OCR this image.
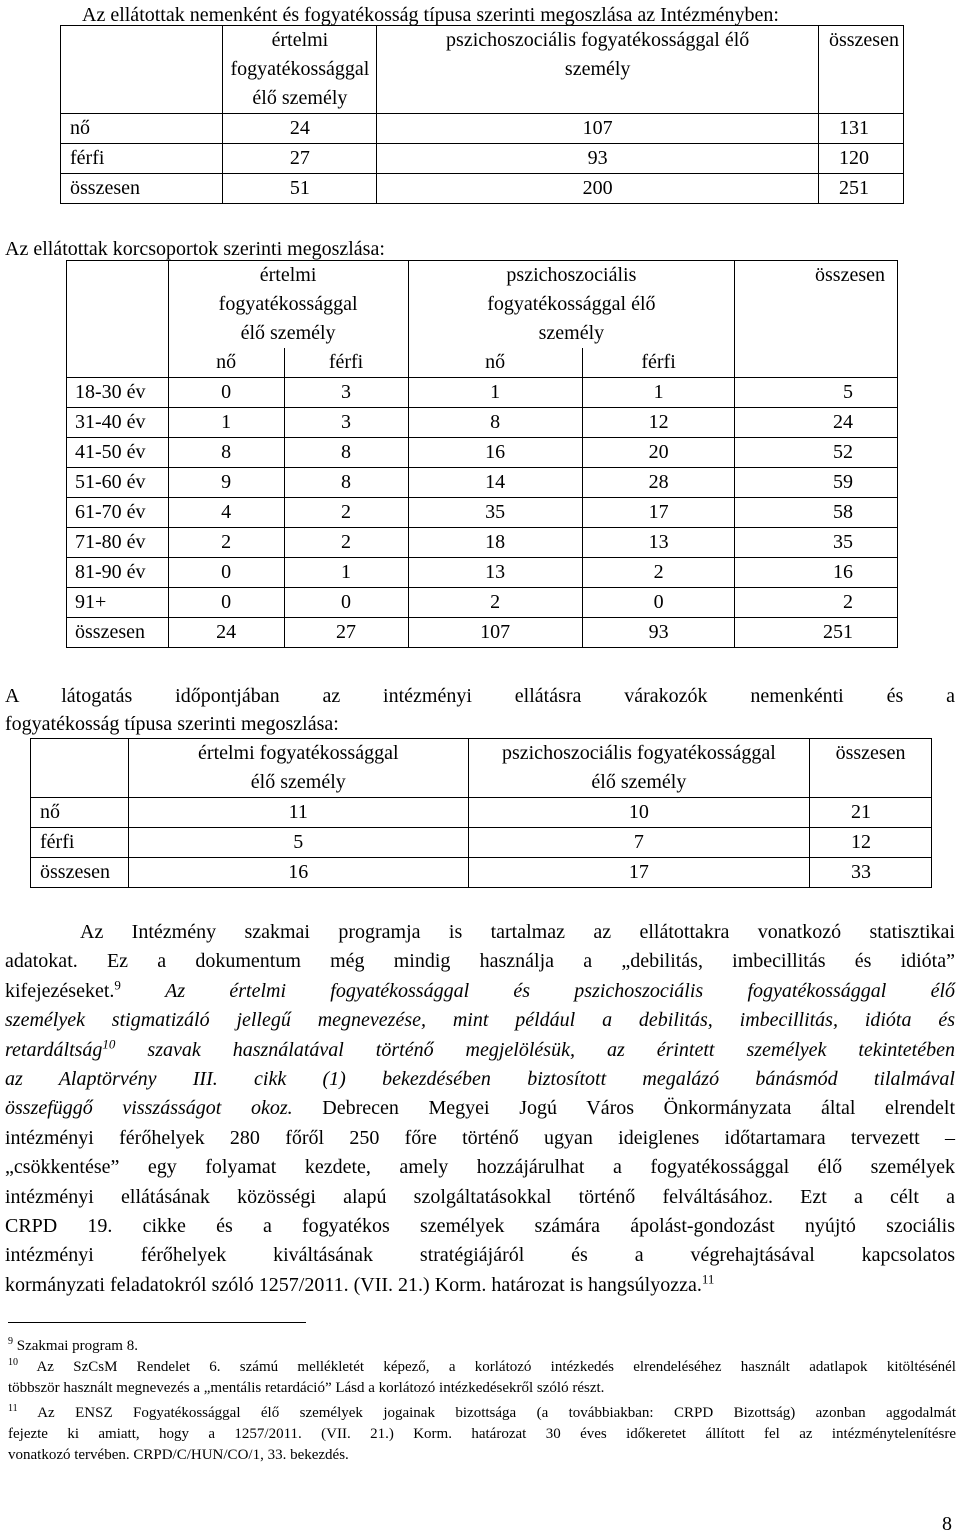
Az ellátottak nemenként és fogyatékosság típusa szerinti megoszlása az Intézményben:
	értelmi fogyatékossággal élő személy	pszichoszociális fogyatékossággal élő személy	összesen
nő	24	107	131
férfi	27	93	120
összesen	51	200	251
Az ellátottak korcsoportok szerinti megoszlása:
	értelmi fogyatékossággal élő személy		pszichoszociális fogyatékossággal élő személy		összesen
	nő	férfi	nő	férfi	
18-30 év	0	3	1	1	5
31-40 év	1	3	8	12	24
41-50 év	8	8	16	20	52
51-60 év	9	8	14	28	59
61-70 év	4	2	35	17	58
71-80 év	2	2	18	13	35
81-90 év	0	1	13	2	16
91+	0	0	2	0	2
összesen	24	27	107	93	251
A látogatás időpontjában az intézményi ellátásra várakozók nemenkénti és a
fogyatékosság típusa szerinti megoszlása:
	értelmi fogyatékossággal élő személy	pszichoszociális fogyatékossággal élő személy	összesen
nő	11	10	21
férfi	5	7	12
összesen	16	17	33
Az Intézmény szakmai programja is tartalmaz az ellátottakra vonatkozó statisztikai
adatokat. Ez a dokumentum még mindig használja a „debilitás, imbecillitás és idióta”
kifejezéseket.$^9$ Az értelmi fogyatékossággal és pszichoszociális fogyatékossággal élő
személyek stigmatizáló jellegű megnevezése, mint például a debilitás, imbecillitás, idióta és
retardáltság$^{10}$ szavak használatával történő megjelölésük, az érintett személyek tekintetében
az Alaptörvény III. cikk (1) bekezdésében biztosított megalázó bánásmód tilalmával
összefüggő visszásságot okoz. Debrecen Megyei Jogú Város Önkormányzata által elrendelt
intézményi férőhelyek 280 főről 250 főre történő ugyan ideiglenes időtartamara tervezett –
„csökkentése” egy folyamat kezdete, amely hozzájárulhat a fogyatékossággal élő személyek
intézményi ellátásának közösségi alapú szolgáltatásokkal történő felváltásához. Ezt a célt a
CRPD 19. cikke és a fogyatékos személyek számára ápolást-gondozást nyújtó szociális
intézményi férőhelyek kiváltásának stratégiájáról és a végrehajtásával kapcsolatos
kormányzati feladatokról szóló 1257/2011. (VII. 21.) Korm. határozat is hangsúlyozza.$^{11}$
$^9$ Szakmai program 8.
$^{10}$ Az SzCsM Rendelet 6. számú mellékletét képező, a korlátozó intézkedés elrendeléséhez használt adatlapok kitöltésénél
többször használt megnevezés a „mentális retardáció” Lásd a korlátozó intézkedésekről szóló részt.
$^{11}$ Az ENSZ Fogyatékossággal élő személyek jogainak bizottsága (a továbbiakban: CRPD Bizottság) azonban aggodalmát
fejezte ki amiatt, hogy a 1257/2011. (VII. 21.) Korm. határozat 30 éves időkeretet állított fel az intézménytelenítésre
vonatkozó tervében. CRPD/C/HUN/CO/1, 33. bekezdés.
8
